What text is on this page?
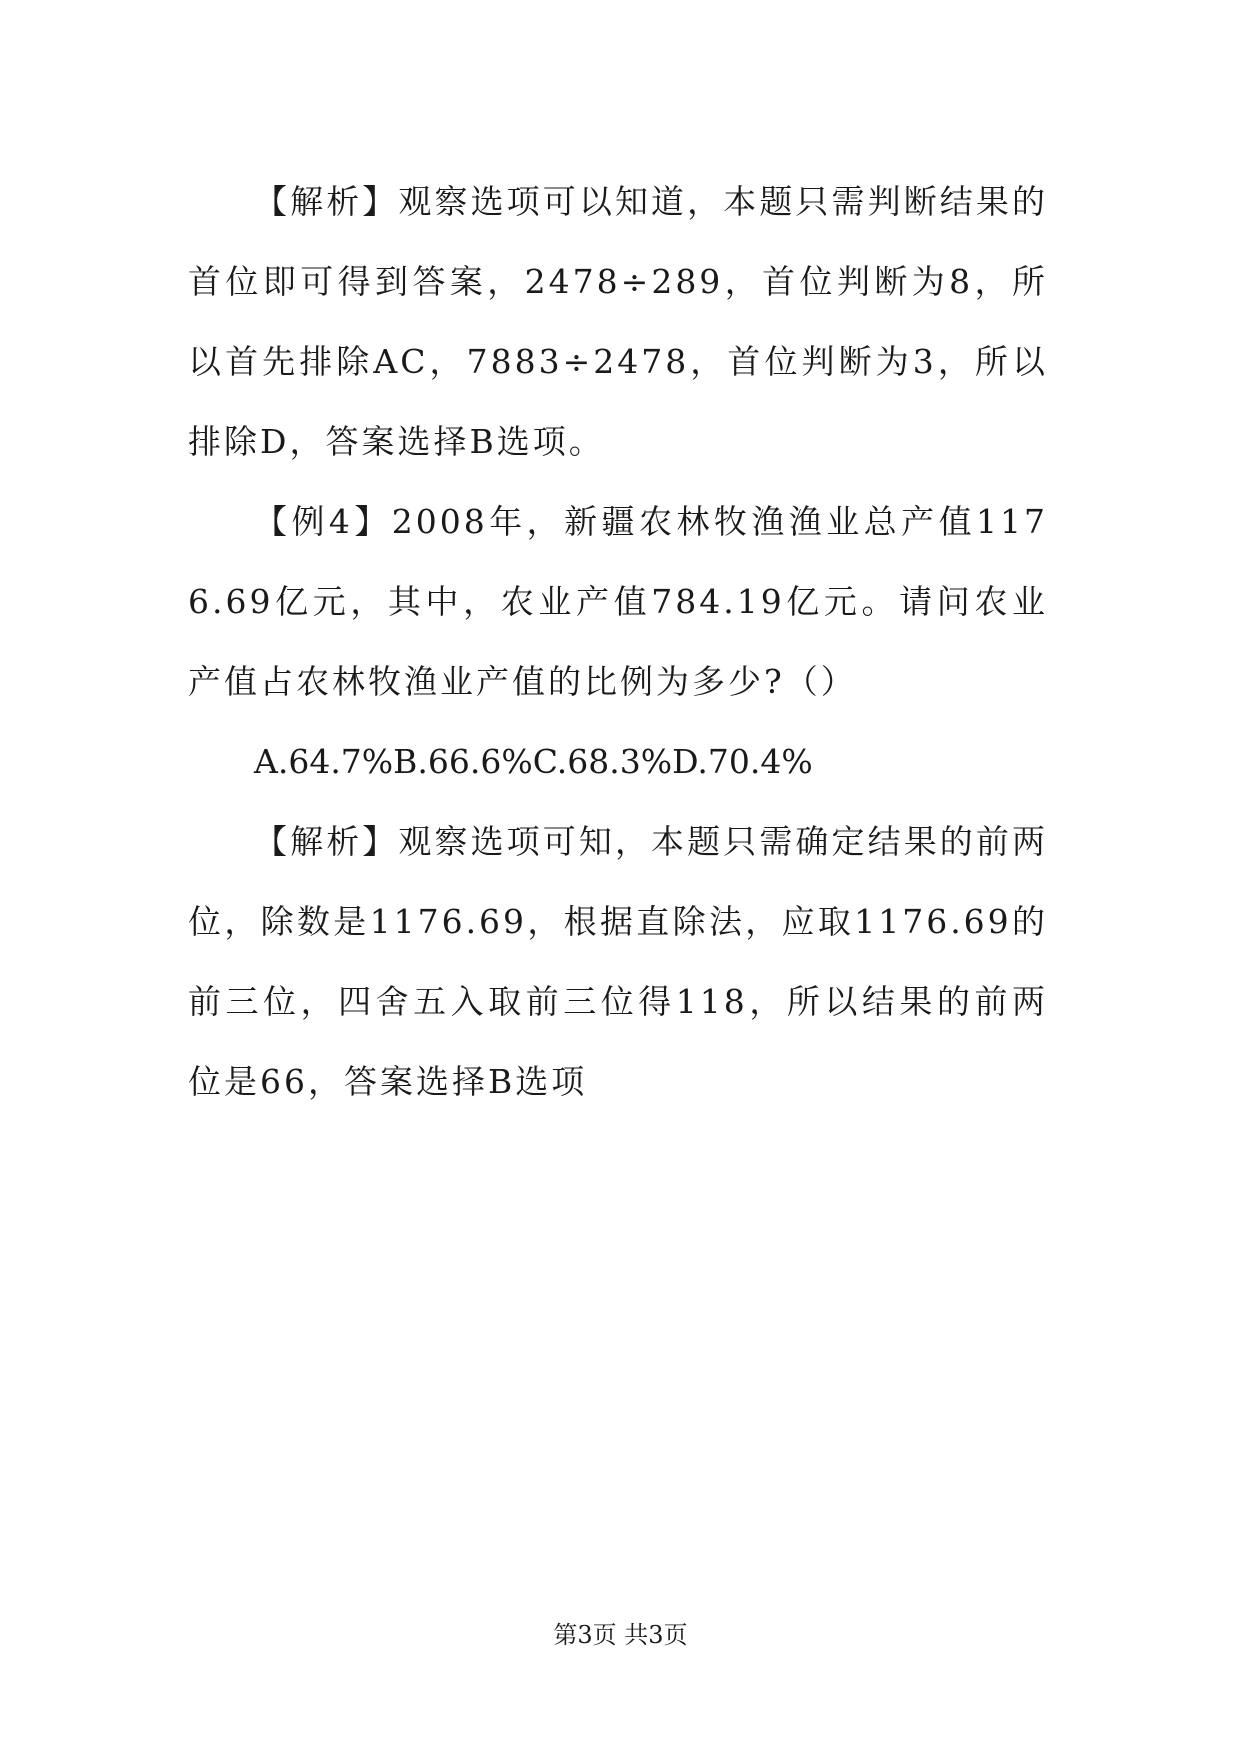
【解析】观察选项可以知道，本题只需判断结果的首位即可得到答案，2478÷289，首位判断为8，所以首先排除AC，7883÷2478，首位判断为3，所以排除D，答案选择B选项。

【例4】2008年，新疆农林牧渔渔业总产值1176.69亿元，其中，农业产值784.19亿元。请问农业产值占农林牧渔业产值的比例为多少?（）

A.64.7%B.66.6%C.68.3%D.70.4%

【解析】观察选项可知，本题只需确定结果的前两位，除数是1176.69，根据直除法，应取1176.69的前三位，四舍五入取前三位得118，所以结果的前两位是66，答案选择B选项

第3页 共3页
